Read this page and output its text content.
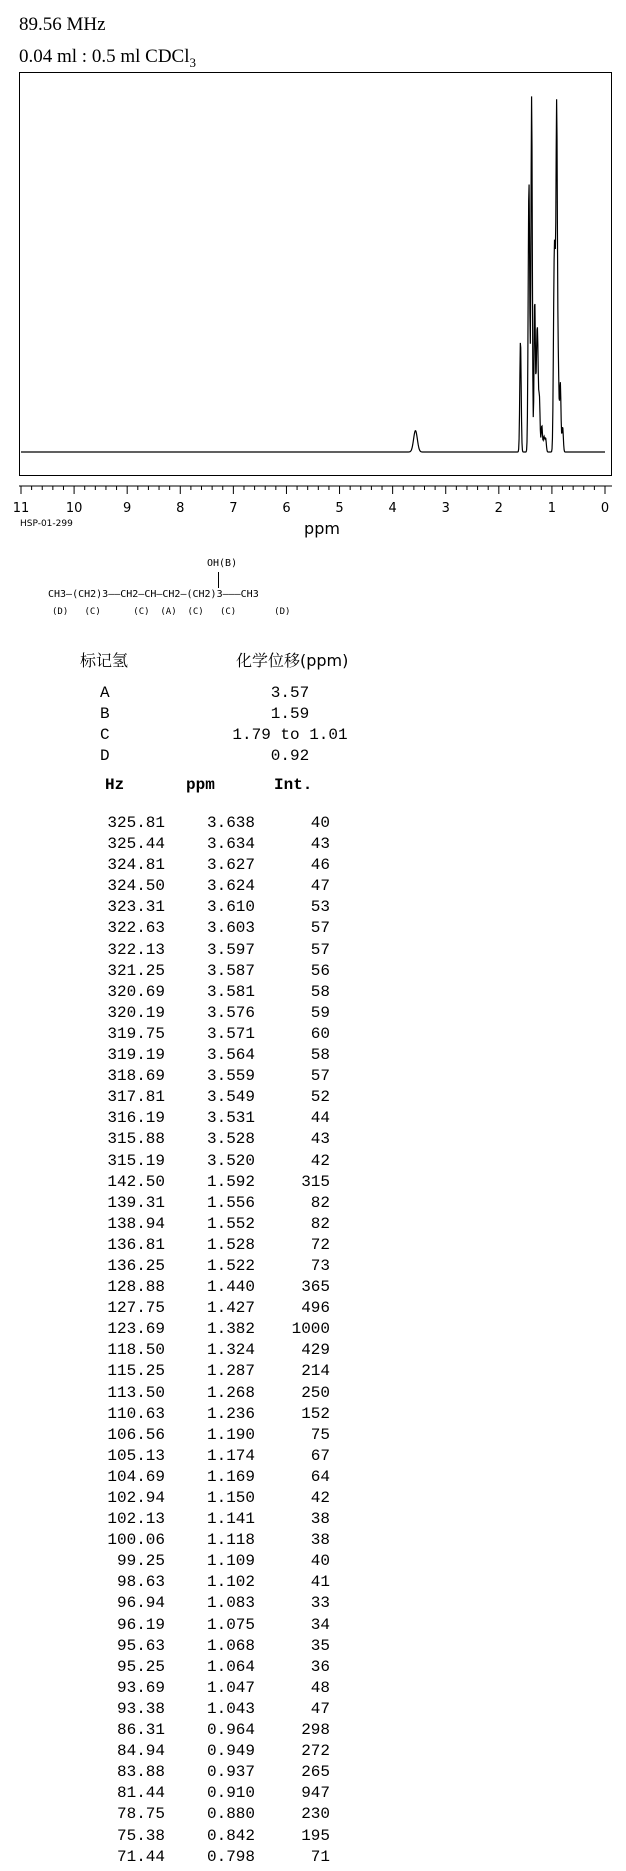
89.56 MHz
0.04 ml : 0.5 ml CDCl$_3$
11	10	9	8	7	6	5	4	3	2	1	0
ppm
HSP-01-299
OH(B)
CH3—(CH2)3——CH2—CH—CH2—(CH2)3———CH3
(D)   (C)      (C)  (A)  (C)   (C)       (D)
标记氢	化学位移(ppm)
A	3.57
B	1.59
C	1.79 to 1.01
D	0.92
Hz	ppm	Int.
325.81	3.638	40
325.44	3.634	43
324.81	3.627	46
324.50	3.624	47
323.31	3.610	53
322.63	3.603	57
322.13	3.597	57
321.25	3.587	56
320.69	3.581	58
320.19	3.576	59
319.75	3.571	60
319.19	3.564	58
318.69	3.559	57
317.81	3.549	52
316.19	3.531	44
315.88	3.528	43
315.19	3.520	42
142.50	1.592	315
139.31	1.556	82
138.94	1.552	82
136.81	1.528	72
136.25	1.522	73
128.88	1.440	365
127.75	1.427	496
123.69	1.382	1000
118.50	1.324	429
115.25	1.287	214
113.50	1.268	250
110.63	1.236	152
106.56	1.190	75
105.13	1.174	67
104.69	1.169	64
102.94	1.150	42
102.13	1.141	38
100.06	1.118	38
99.25	1.109	40
98.63	1.102	41
96.94	1.083	33
96.19	1.075	34
95.63	1.068	35
95.25	1.064	36
93.69	1.047	48
93.38	1.043	47
86.31	0.964	298
84.94	0.949	272
83.88	0.937	265
81.44	0.910	947
78.75	0.880	230
75.38	0.842	195
71.44	0.798	71
